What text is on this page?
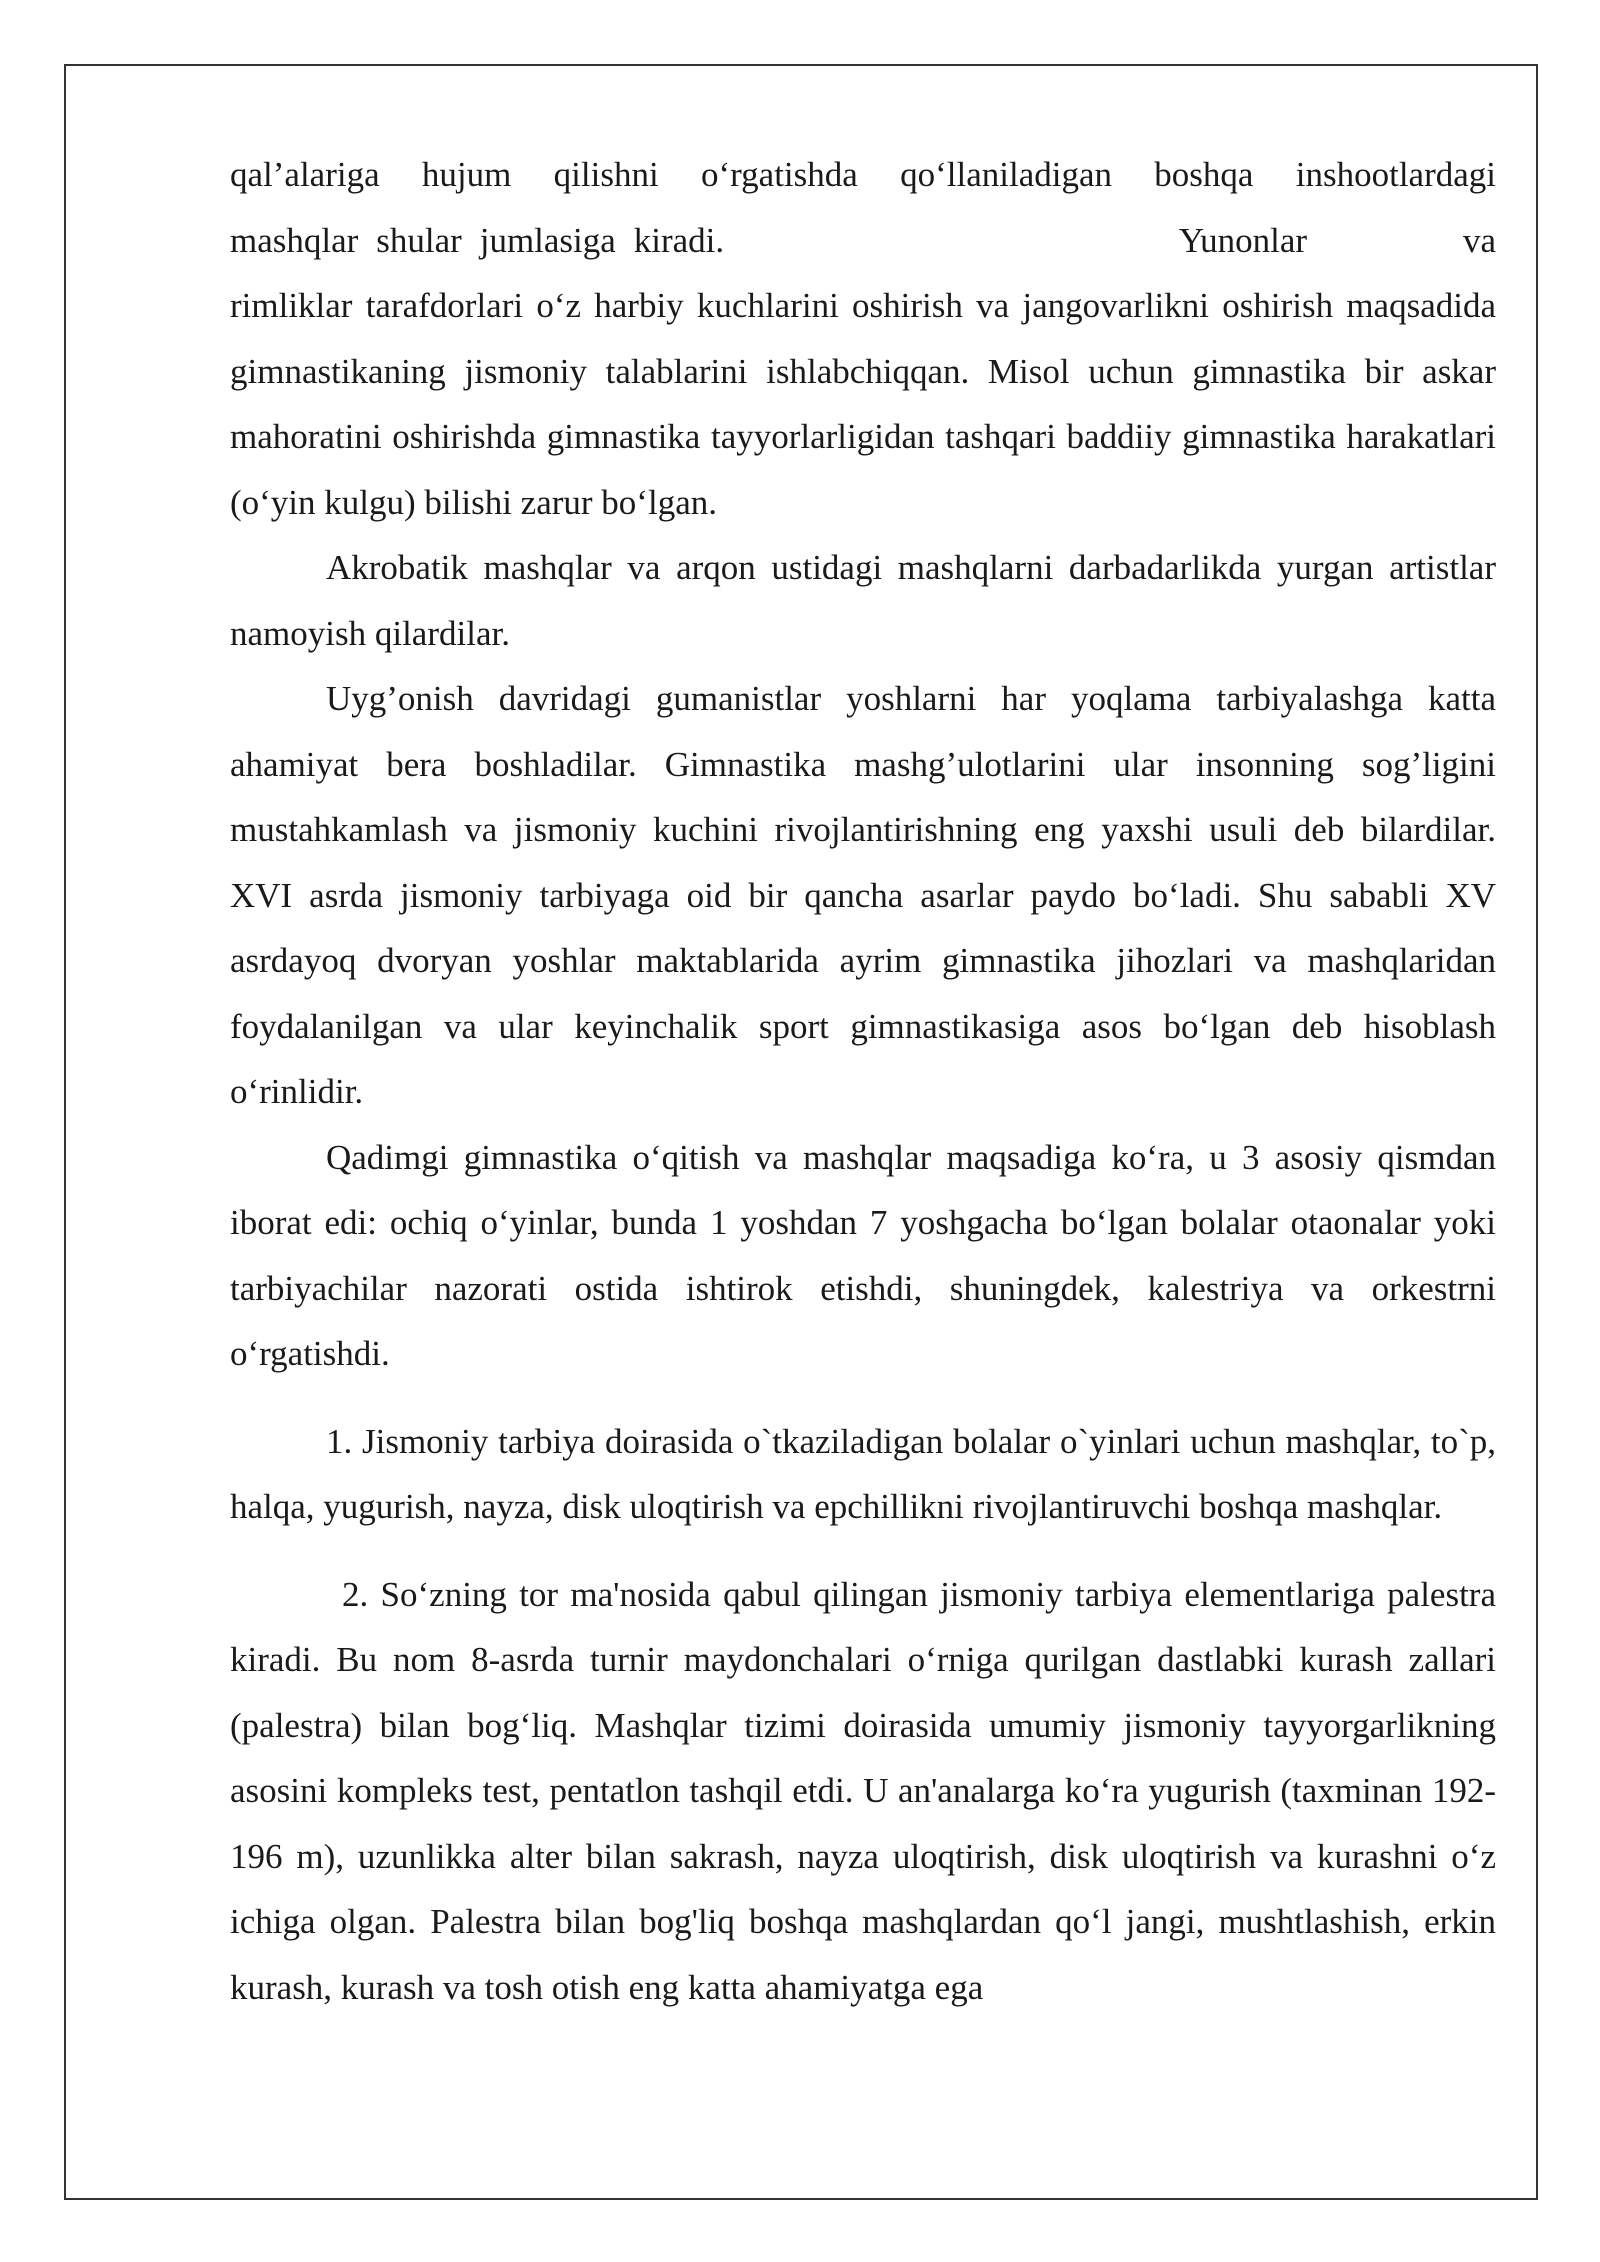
qal’alariga hujum qilishni o‘rgatishda qo‘llaniladigan boshqa inshootlardagi
mashqlar shular jumlasiga kiradi.	Yunonlar	va
rimliklar tarafdorlari o‘z harbiy kuchlarini oshirish va jangovarlikni oshirish maqsadida gimnastikaning jismoniy talablarini ishlabchiqqan. Misol uchun gimnastika bir askar mahoratini oshirishda gimnastika tayyorlarligidan tashqari baddiiy gimnastika harakatlari (o‘yin kulgu) bilishi zarur bo‘lgan.

Akrobatik mashqlar va arqon ustidagi mashqlarni darbadarlikda yurgan artistlar namoyish qilardilar.

Uyg’onish davridagi gumanistlar yoshlarni har yoqlama tarbiyalashga katta ahamiyat bera boshladilar. Gimnastika mashg’ulotlarini ular insonning sog’ligini mustahkamlash va jismoniy kuchini rivojlantirishning eng yaxshi usuli deb bilardilar. XVI asrda jismoniy tarbiyaga oid bir qancha asarlar paydo bo‘ladi. Shu sababli XV asrdayoq dvoryan yoshlar maktablarida ayrim gimnastika jihozlari va mashqlaridan foydalanilgan va ular keyinchalik sport gimnastikasiga asos bo‘lgan deb hisoblash o‘rinlidir.

Qadimgi gimnastika o‘qitish va mashqlar maqsadiga ko‘ra, u 3 asosiy qismdan iborat edi: ochiq o‘yinlar, bunda 1 yoshdan 7 yoshgacha bo‘lgan bolalar otaonalar yoki tarbiyachilar nazorati ostida ishtirok etishdi, shuningdek, kalestriya va orkestrni o‘rgatishdi.

1. Jismoniy tarbiya doirasida o`tkaziladigan bolalar o`yinlari uchun mashqlar, to`p, halqa, yugurish, nayza, disk uloqtirish va epchillikni rivojlantiruvchi boshqa mashqlar.

2. So‘zning tor ma'nosida qabul qilingan jismoniy tarbiya elementlariga palestra kiradi. Bu nom 8-asrda turnir maydonchalari o‘rniga qurilgan dastlabki kurash zallari (palestra) bilan bog‘liq. Mashqlar tizimi doirasida umumiy jismoniy tayyorgarlikning asosini kompleks test, pentatlon tashqil etdi. U an'analarga ko‘ra yugurish (taxminan 192-196 m), uzunlikka alter bilan sakrash, nayza uloqtirish, disk uloqtirish va kurashni o‘z ichiga olgan. Palestra bilan bog'liq boshqa mashqlardan qo‘l jangi, mushtlashish, erkin kurash, kurash va tosh otish eng katta ahamiyatga ega
